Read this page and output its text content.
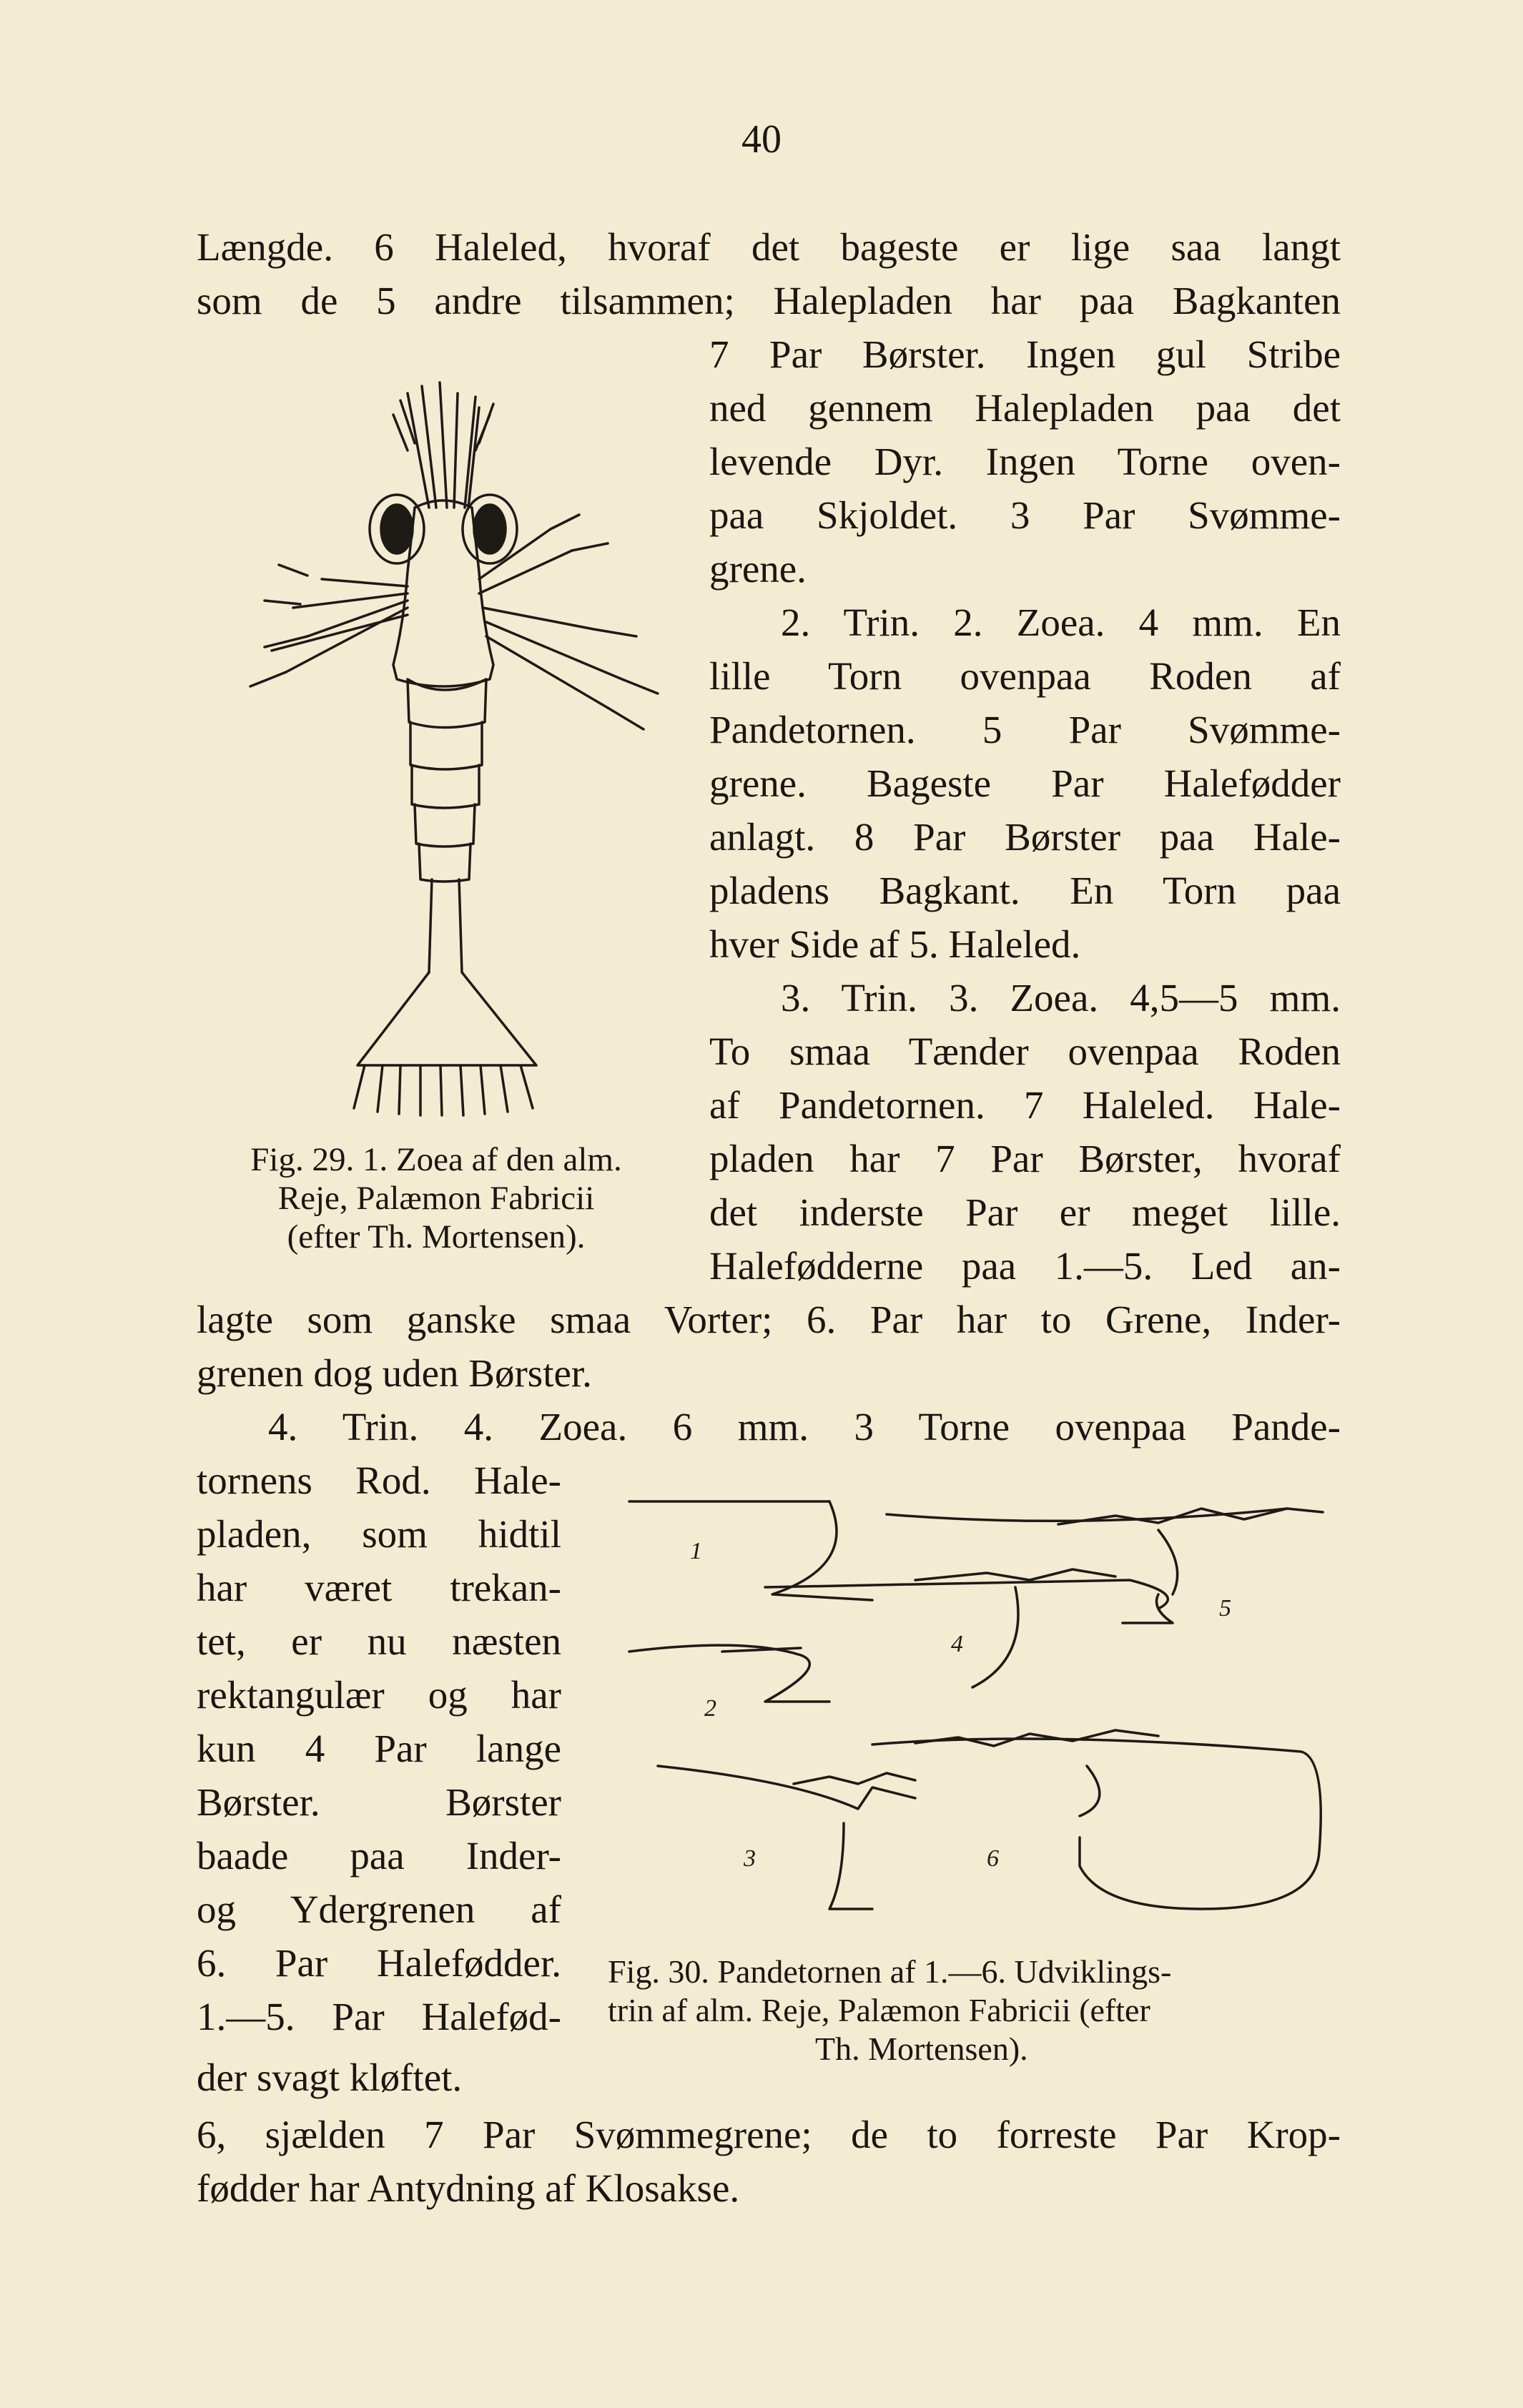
40
Længde. 6 Haleled, hvoraf det bageste er lige saa langt
som de 5 andre tilsammen; Halepladen har paa Bagkanten
7 Par Børster. Ingen gul Stribe
ned gennem Halepladen paa det
levende Dyr. Ingen Torne oven-
paa Skjoldet. 3 Par Svømme-
grene.
2. Trin. 2. Zoea. 4 mm. En
lille Torn ovenpaa Roden af
Pandetornen. 5 Par Svømme-
grene. Bageste Par Halefødder
anlagt. 8 Par Børster paa Hale-
pladens Bagkant. En Torn paa
hver Side af 5. Haleled.
3. Trin. 3. Zoea. 4,5—5 mm.
To smaa Tænder ovenpaa Roden
af Pandetornen. 7 Haleled. Hale-
pladen har 7 Par Børster, hvoraf
det inderste Par er meget lille.
Halefødderne paa 1.—5. Led an-
lagte som ganske smaa Vorter; 6. Par har to Grene, Inder-
grenen dog uden Børster.
4. Trin. 4. Zoea. 6 mm. 3 Torne ovenpaa Pande-
tornens Rod. Hale-
pladen, som hidtil
har været trekan-
tet, er nu næsten
rektangulær og har
kun 4 Par lange
Børster. Børster
baade paa Inder-
og Ydergrenen af
6. Par Halefødder.
1.—5. Par Halefød-
der svagt kløftet.
6, sjælden 7 Par Svømmegrene; de to forreste Par Krop-
fødder har Antydning af Klosakse.
Fig. 29. 1. Zoea af den alm.
Reje, Palæmon Fabricii
(efter Th. Mortensen).
1
5
4
2
6
3
Fig. 30. Pandetornen af 1.—6. Udviklings-
trin af alm. Reje, Palæmon Fabricii (efter
Th. Mortensen).
